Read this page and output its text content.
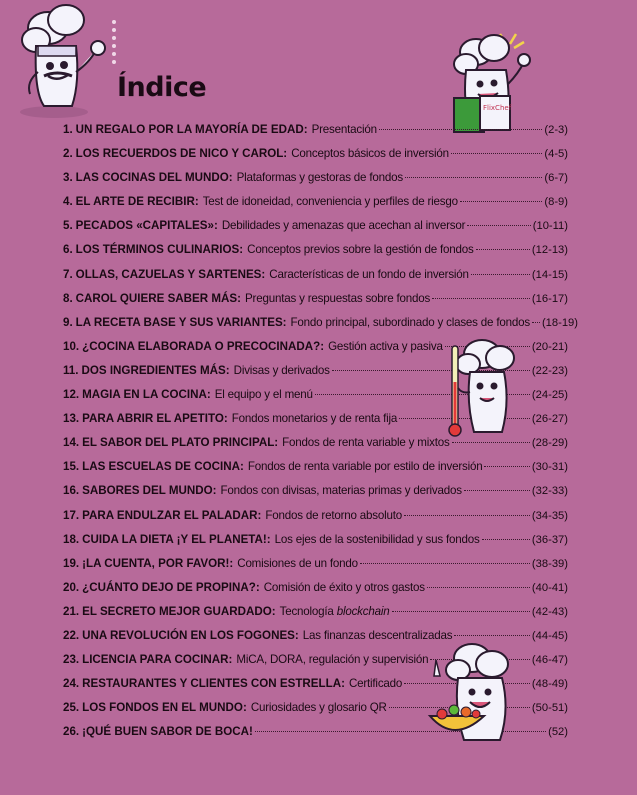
Índice
FlixChef
1. UN REGALO POR LA MAYORÍA DE EDAD: Presentación	(2-3)
2. LOS RECUERDOS DE NICO Y CAROL: Conceptos básicos de inversión	(4-5)
3. LAS COCINAS DEL MUNDO: Plataformas y gestoras de fondos	(6-7)
4. EL ARTE DE RECIBIR: Test de idoneidad, conveniencia y perfiles de riesgo	(8-9)
5. PECADOS «CAPITALES»: Debilidades y amenazas que acechan al inversor	(10-11)
6. LOS TÉRMINOS CULINARIOS: Conceptos previos sobre la gestión de fondos	(12-13)
7. OLLAS, CAZUELAS Y SARTENES: Características de un fondo de inversión	(14-15)
8. CAROL QUIERE SABER MÁS: Preguntas y respuestas sobre fondos	(16-17)
9. LA RECETA BASE Y SUS VARIANTES: Fondo principal, subordinado y clases de fondos (18-19)
10. ¿COCINA ELABORADA O PRECOCINADA?: Gestión activa y pasiva	(20-21)
11. DOS INGREDIENTES MÁS: Divisas y derivados	(22-23)
12. MAGIA EN LA COCINA: El equipo y el menú	(24-25)
13. PARA ABRIR EL APETITO: Fondos monetarios y de renta fija	(26-27)
14. EL SABOR DEL PLATO PRINCIPAL: Fondos de renta variable y mixtos	(28-29)
15. LAS ESCUELAS DE COCINA: Fondos de renta variable por estilo de inversión	(30-31)
16. SABORES DEL MUNDO: Fondos con divisas, materias primas y derivados	(32-33)
17. PARA ENDULZAR EL PALADAR: Fondos de retorno absoluto	(34-35)
18. CUIDA LA DIETA ¡Y EL PLANETA!: Los ejes de la sostenibilidad y sus fondos	(36-37)
19. ¡LA CUENTA, POR FAVOR!: Comisiones de un fondo	(38-39)
20. ¿CUÁNTO DEJO DE PROPINA?: Comisión de éxito y otros gastos	(40-41)
21. EL SECRETO MEJOR GUARDADO: Tecnología blockchain	(42-43)
22. UNA REVOLUCIÓN EN LOS FOGONES: Las finanzas descentralizadas	(44-45)
23. LICENCIA PARA COCINAR: MiCA, DORA, regulación y supervisión	(46-47)
24. RESTAURANTES Y CLIENTES CON ESTRELLA: Certificado	(48-49)
25. LOS FONDOS EN EL MUNDO: Curiosidades y glosario QR	(50-51)
26. ¡QUÉ BUEN SABOR DE BOCA!	(52)
